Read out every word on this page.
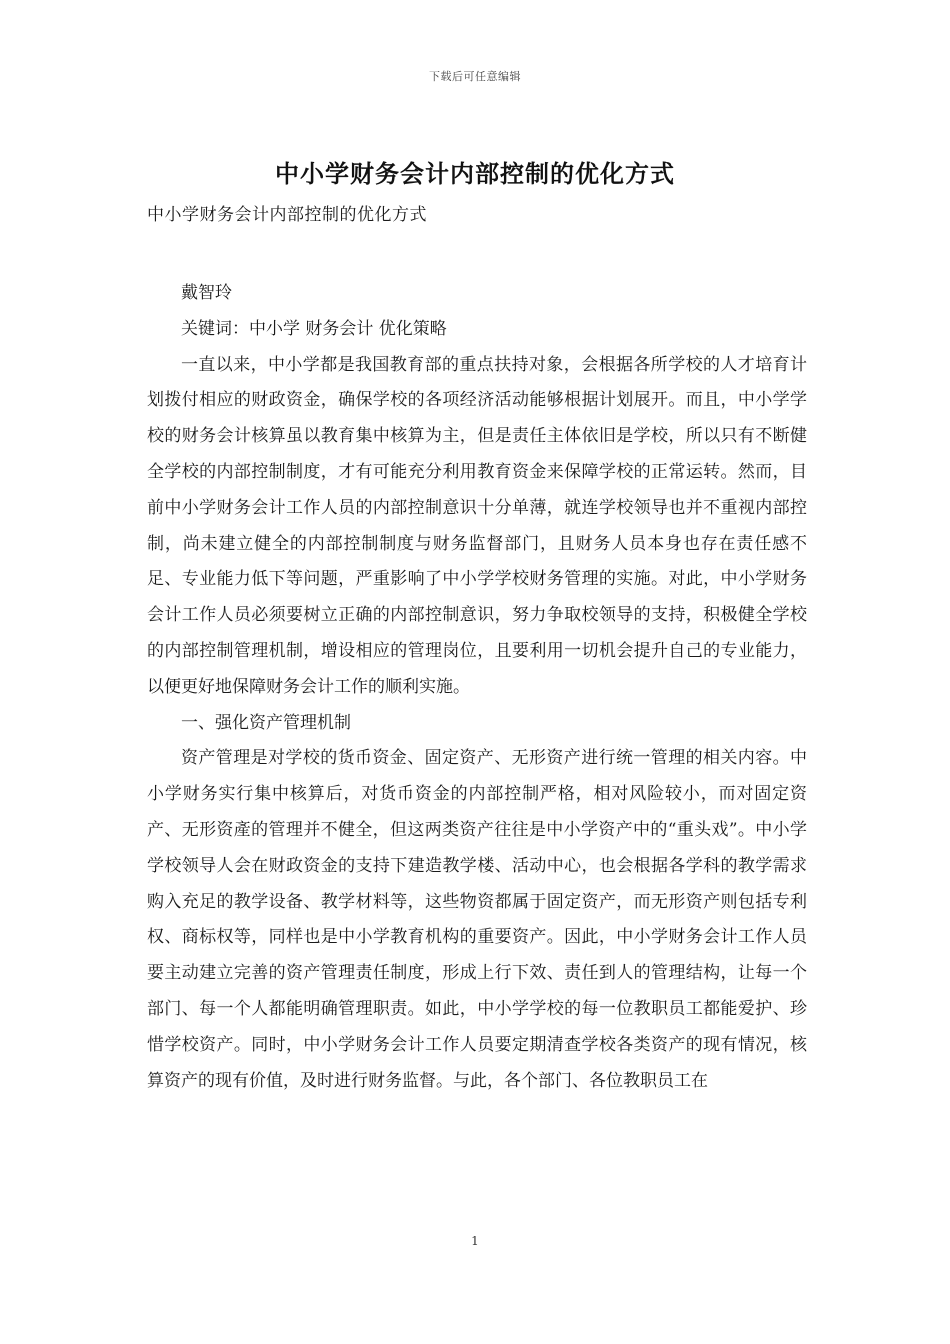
下载后可任意编辑
中小学财务会计内部控制的优化方式
中小学财务会计内部控制的优化方式

戴智玲

关键词：中小学 财务会计 优化策略

一直以来，中小学都是我国教育部的重点扶持对象，会根据各所学校的人才培育计划拨付相应的财政资金，确保学校的各项经济活动能够根据计划展开。而且，中小学学校的财务会计核算虽以教育集中核算为主，但是责任主体依旧是学校，所以只有不断健全学校的内部控制制度，才有可能充分利用教育资金来保障学校的正常运转。然而，目前中小学财务会计工作人员的内部控制意识十分单薄，就连学校领导也并不重视内部控制，尚未建立健全的内部控制制度与财务监督部门，且财务人员本身也存在责任感不足、专业能力低下等问题，严重影响了中小学学校财务管理的实施。对此，中小学财务会计工作人员必须要树立正确的内部控制意识，努力争取校领导的支持，积极健全学校的内部控制管理机制，增设相应的管理岗位，且要利用一切机会提升自己的专业能力，以便更好地保障财务会计工作的顺利实施。

一、强化资产管理机制

资产管理是对学校的货币资金、固定资产、无形资产进行统一管理的相关内容。中小学财务实行集中核算后，对货币资金的内部控制严格，相对风险较小，而对固定资产、无形资產的管理并不健全，但这两类资产往往是中小学资产中的“重头戏”。中小学学校领导人会在财政资金的支持下建造教学楼、活动中心，也会根据各学科的教学需求购入充足的教学设备、教学材料等，这些物资都属于固定资产，而无形资产则包括专利权、商标权等，同样也是中小学教育机构的重要资产。因此，中小学财务会计工作人员要主动建立完善的资产管理责任制度，形成上行下效、责任到人的管理结构，让每一个部门、每一个人都能明确管理职责。如此，中小学学校的每一位教职员工都能爱护、珍惜学校资产。同时，中小学财务会计工作人员要定期清查学校各类资产的现有情况，核算资产的现有价值，及时进行财务监督。与此，各个部门、各位教职员工在

1
